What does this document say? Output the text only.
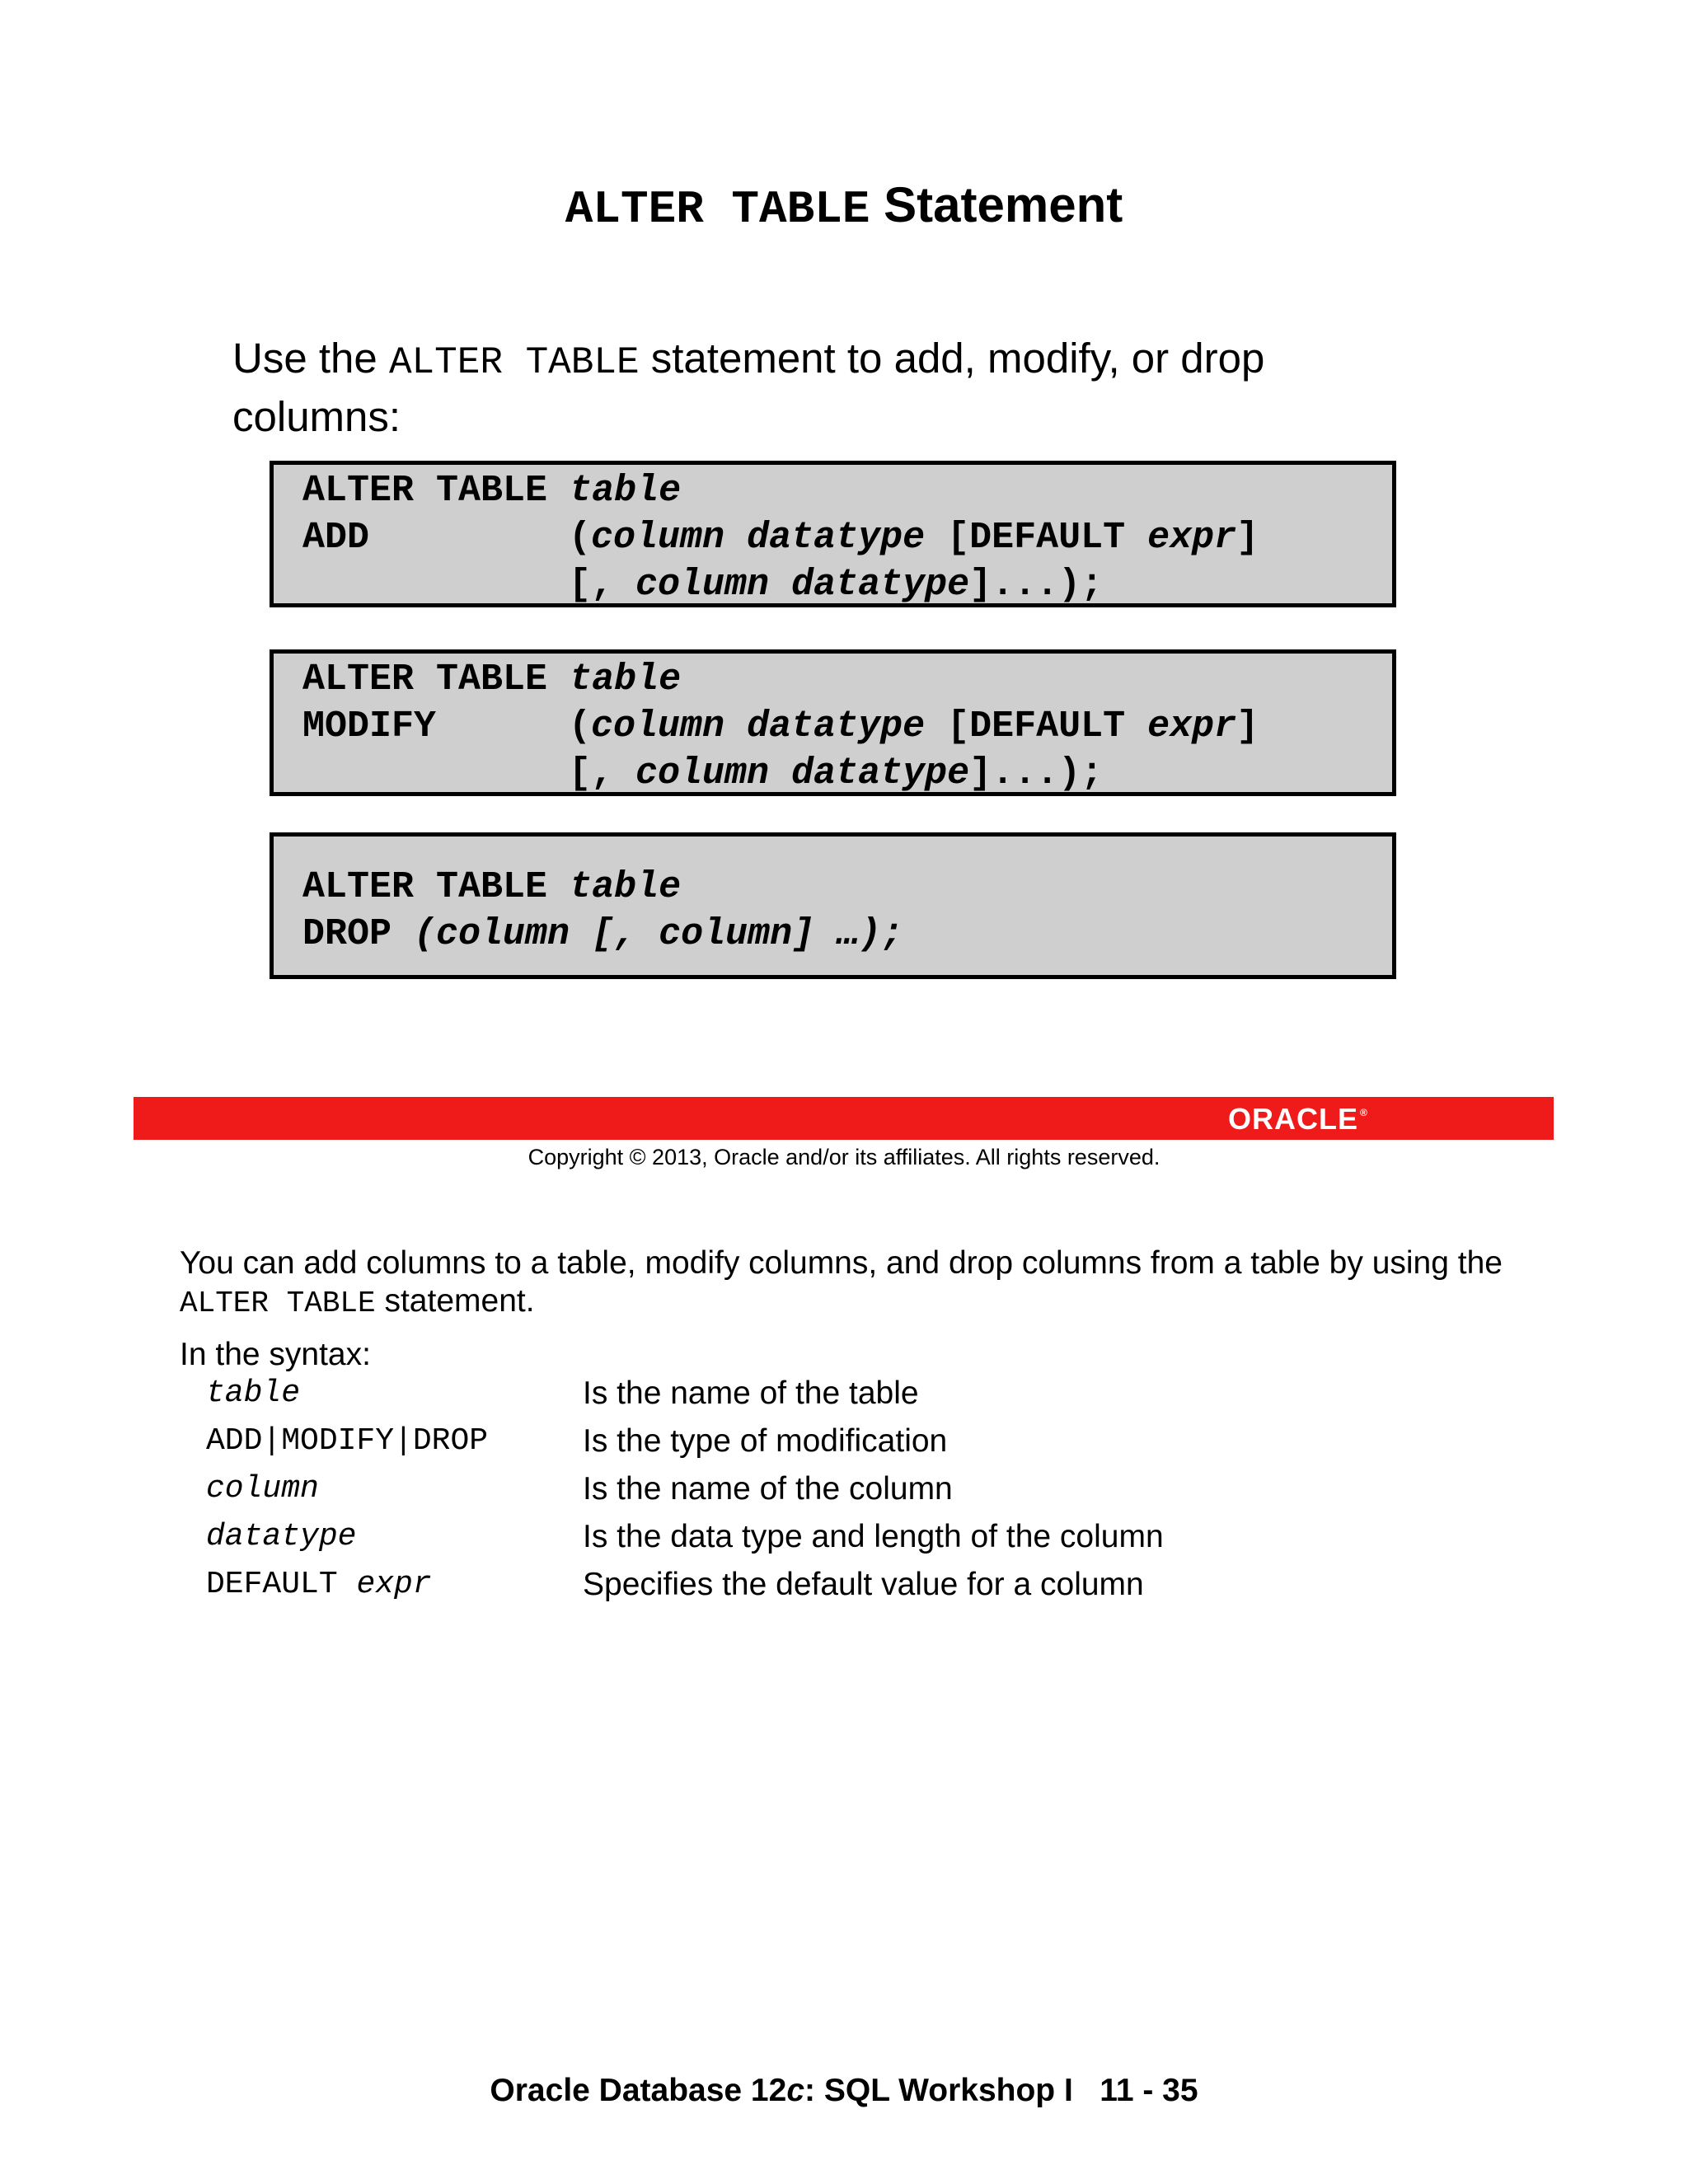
ALTER TABLE Statement
Use the ALTER TABLE statement to add, modify, or drop columns:
ALTER TABLE table
ADD	(column datatype [DEFAULT expr]
[, column datatype]...);
ALTER TABLE table
MODIFY	(column datatype [DEFAULT expr]
[, column datatype]...);
ALTER TABLE table
DROP (column [, column] …);
ORACLE ®
Copyright © 2013, Oracle and/or its affiliates. All rights reserved.
You can add columns to a table, modify columns, and drop columns from a table by using the ALTER TABLE statement.
In the syntax:
table	Is the name of the table
ADD|MODIFY|DROP	Is the type of modification
column	Is the name of the column
datatype	Is the data type and length of the column
DEFAULT expr	Specifies the default value for a column
Oracle Database 12c: SQL Workshop I   11 - 35
